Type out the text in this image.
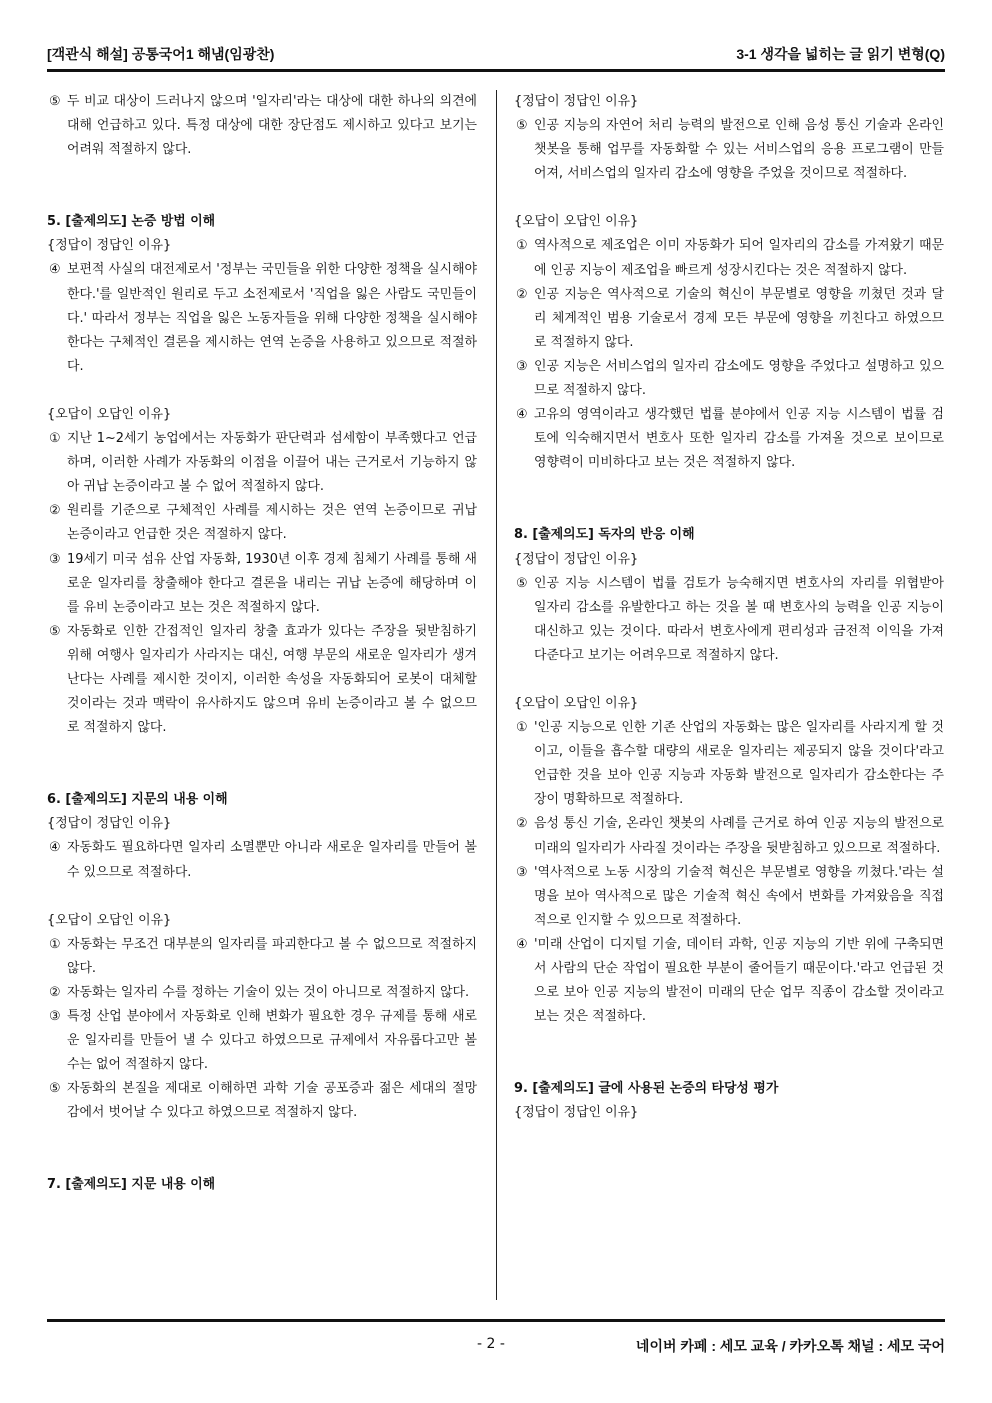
[객관식 해설] 공통국어1 해냄(임광찬)	3-1 생각을 넓히는 글 읽기 변형(Q)
⑤ 두 비교 대상이 드러나지 않으며 '일자리'라는 대상에 대한 하나의 의견에 대해 언급하고 있다. 특정 대상에 대한 장단점도 제시하고 있다고 보기는 어려워 적절하지 않다.
5. [출제의도] 논증 방법 이해
{정답이 정답인 이유}
④ 보편적 사실의 대전제로서 '정부는 국민들을 위한 다양한 정책을 실시해야 한다.'를 일반적인 원리로 두고 소전제로서 '직업을 잃은 사람도 국민들이다.' 따라서 정부는 직업을 잃은 노동자들을 위해 다양한 정책을 실시해야 한다는 구체적인 결론을 제시하는 연역 논증을 사용하고 있으므로 적절하다.
{오답이 오답인 이유}
① 지난 1~2세기 농업에서는 자동화가 판단력과 섬세함이 부족했다고 언급하며, 이러한 사례가 자동화의 이점을 이끌어 내는 근거로서 기능하지 않아 귀납 논증이라고 볼 수 없어 적절하지 않다.
② 원리를 기준으로 구체적인 사례를 제시하는 것은 연역 논증이므로 귀납 논증이라고 언급한 것은 적절하지 않다.
③ 19세기 미국 섬유 산업 자동화, 1930년 이후 경제 침체기 사례를 통해 새로운 일자리를 창출해야 한다고 결론을 내리는 귀납 논증에 해당하며 이를 유비 논증이라고 보는 것은 적절하지 않다.
⑤ 자동화로 인한 간접적인 일자리 창출 효과가 있다는 주장을 뒷받침하기 위해 여행사 일자리가 사라지는 대신, 여행 부문의 새로운 일자리가 생겨난다는 사례를 제시한 것이지, 이러한 속성을 자동화되어 로봇이 대체할 것이라는 것과 맥락이 유사하지도 않으며 유비 논증이라고 볼 수 없으므로 적절하지 않다.
6. [출제의도] 지문의 내용 이해
{정답이 정답인 이유}
④ 자동화도 필요하다면 일자리 소멸뿐만 아니라 새로운 일자리를 만들어 볼 수 있으므로 적절하다.
{오답이 오답인 이유}
① 자동화는 무조건 대부분의 일자리를 파괴한다고 볼 수 없으므로 적절하지 않다.
② 자동화는 일자리 수를 정하는 기술이 있는 것이 아니므로 적절하지 않다.
③ 특정 산업 분야에서 자동화로 인해 변화가 필요한 경우 규제를 통해 새로운 일자리를 만들어 낼 수 있다고 하였으므로 규제에서 자유롭다고만 볼 수는 없어 적절하지 않다.
⑤ 자동화의 본질을 제대로 이해하면 과학 기술 공포증과 젊은 세대의 절망감에서 벗어날 수 있다고 하였으므로 적절하지 않다.
7. [출제의도] 지문 내용 이해
{정답이 정답인 이유}
⑤ 인공 지능의 자연어 처리 능력의 발전으로 인해 음성 통신 기술과 온라인 챗봇을 통해 업무를 자동화할 수 있는 서비스업의 응용 프로그램이 만들어져, 서비스업의 일자리 감소에 영향을 주었을 것이므로 적절하다.
{오답이 오답인 이유}
① 역사적으로 제조업은 이미 자동화가 되어 일자리의 감소를 가져왔기 때문에 인공 지능이 제조업을 빠르게 성장시킨다는 것은 적절하지 않다.
② 인공 지능은 역사적으로 기술의 혁신이 부문별로 영향을 끼쳤던 것과 달리 체계적인 범용 기술로서 경제 모든 부문에 영향을 끼친다고 하였으므로 적절하지 않다.
③ 인공 지능은 서비스업의 일자리 감소에도 영향을 주었다고 설명하고 있으므로 적절하지 않다.
④ 고유의 영역이라고 생각했던 법률 분야에서 인공 지능 시스템이 법률 검토에 익숙해지면서 변호사 또한 일자리 감소를 가져올 것으로 보이므로 영향력이 미비하다고 보는 것은 적절하지 않다.
8. [출제의도] 독자의 반응 이해
{정답이 정답인 이유}
⑤ 인공 지능 시스템이 법률 검토가 능숙해지면 변호사의 자리를 위협받아 일자리 감소를 유발한다고 하는 것을 볼 때 변호사의 능력을 인공 지능이 대신하고 있는 것이다. 따라서 변호사에게 편리성과 금전적 이익을 가져다준다고 보기는 어려우므로 적절하지 않다.
{오답이 오답인 이유}
① '인공 지능으로 인한 기존 산업의 자동화는 많은 일자리를 사라지게 할 것이고, 이들을 흡수할 대량의 새로운 일자리는 제공되지 않을 것이다'라고 언급한 것을 보아 인공 지능과 자동화 발전으로 일자리가 감소한다는 주장이 명확하므로 적절하다.
② 음성 통신 기술, 온라인 챗봇의 사례를 근거로 하여 인공 지능의 발전으로 미래의 일자리가 사라질 것이라는 주장을 뒷받침하고 있으므로 적절하다.
③ '역사적으로 노동 시장의 기술적 혁신은 부문별로 영향을 끼쳤다.'라는 설명을 보아 역사적으로 많은 기술적 혁신 속에서 변화를 가져왔음을 직접적으로 인지할 수 있으므로 적절하다.
④ '미래 산업이 디지털 기술, 데이터 과학, 인공 지능의 기반 위에 구축되면서 사람의 단순 작업이 필요한 부분이 줄어들기 때문이다.'라고 언급된 것으로 보아 인공 지능의 발전이 미래의 단순 업무 직종이 감소할 것이라고 보는 것은 적절하다.
9. [출제의도] 글에 사용된 논증의 타당성 평가
{정답이 정답인 이유}
- 2 -	네이버 카페 : 세모 교육 / 카카오톡 채널 : 세모 국어
